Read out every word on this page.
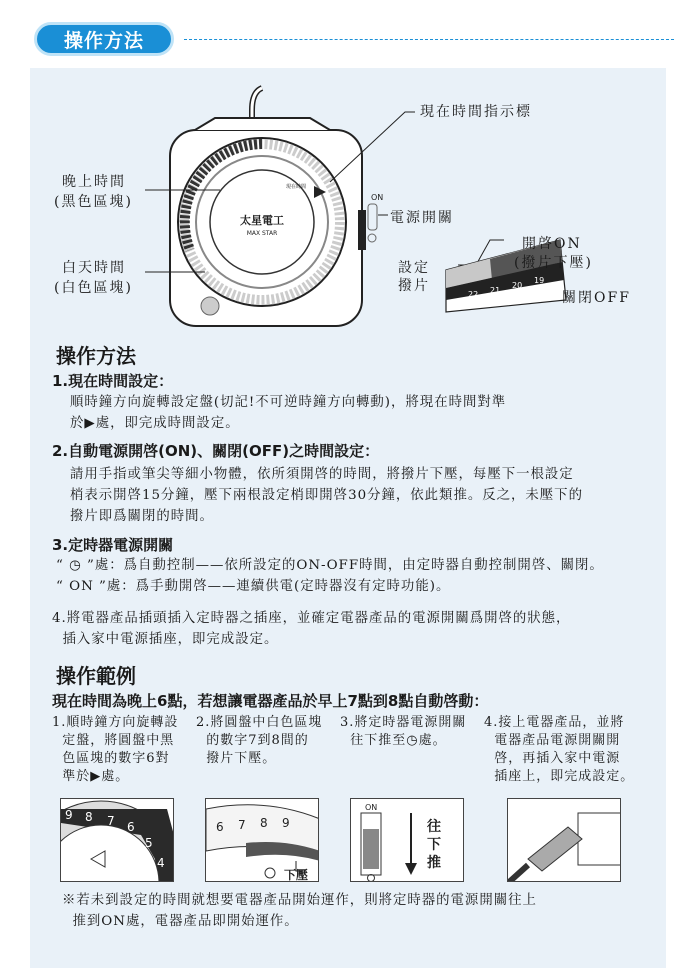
操作方法
太星電工
MAX STAR
現在時間
ON
22 21
20
19
現在時間指示標
晚上時間
(黑色區塊)
白天時間
(白色區塊)
電源開關
設定
撥片
開啓ON
(撥片下壓)
關閉OFF
操作方法
1.現在時間設定：
順時鐘方向旋轉設定盤(切記!不可逆時鐘方向轉動)，將現在時間對準
於▶處，即完成時間設定。
2.自動電源開啓(ON)、關閉(OFF)之時間設定：
請用手指或筆尖等細小物體，依所須開啓的時間，將撥片下壓，每壓下一根設定
梢表示開啓15分鐘，壓下兩根設定梢即開啓30分鐘，依此類推。反之，未壓下的
撥片即爲關閉的時間。
3.定時器電源開關
“ ◷ ”處：爲自動控制——依所設定的ON-OFF時間，由定時器自動控制開啓、關閉。
“ ON ”處：爲手動開啓——連續供電(定時器沒有定時功能)。
4.將電器產品插頭插入定時器之插座，並確定電器產品的電源開關爲開啓的狀態，
插入家中電源插座，即完成設定。
操作範例
現在時間為晚上6點，若想讓電器產品於早上7點到8點自動啓動：
1.順時鐘方向旋轉設
定盤，將圓盤中黑
色區塊的數字6對
準於▶處。
2.將圓盤中白色區塊
的數字7到8間的
撥片下壓。
3.將定時器電源開關
往下推至◷處。
4.接上電器產品，並將
電器產品電源開關開
啓，再插入家中電源
插座上，即完成設定。
9 8 7 6
5
4
6 7 8 9
下壓
ON
往
下
推
※若未到設定的時間就想要電器產品開始運作，則將定時器的電源開關往上
推到ON處，電器產品即開始運作。
